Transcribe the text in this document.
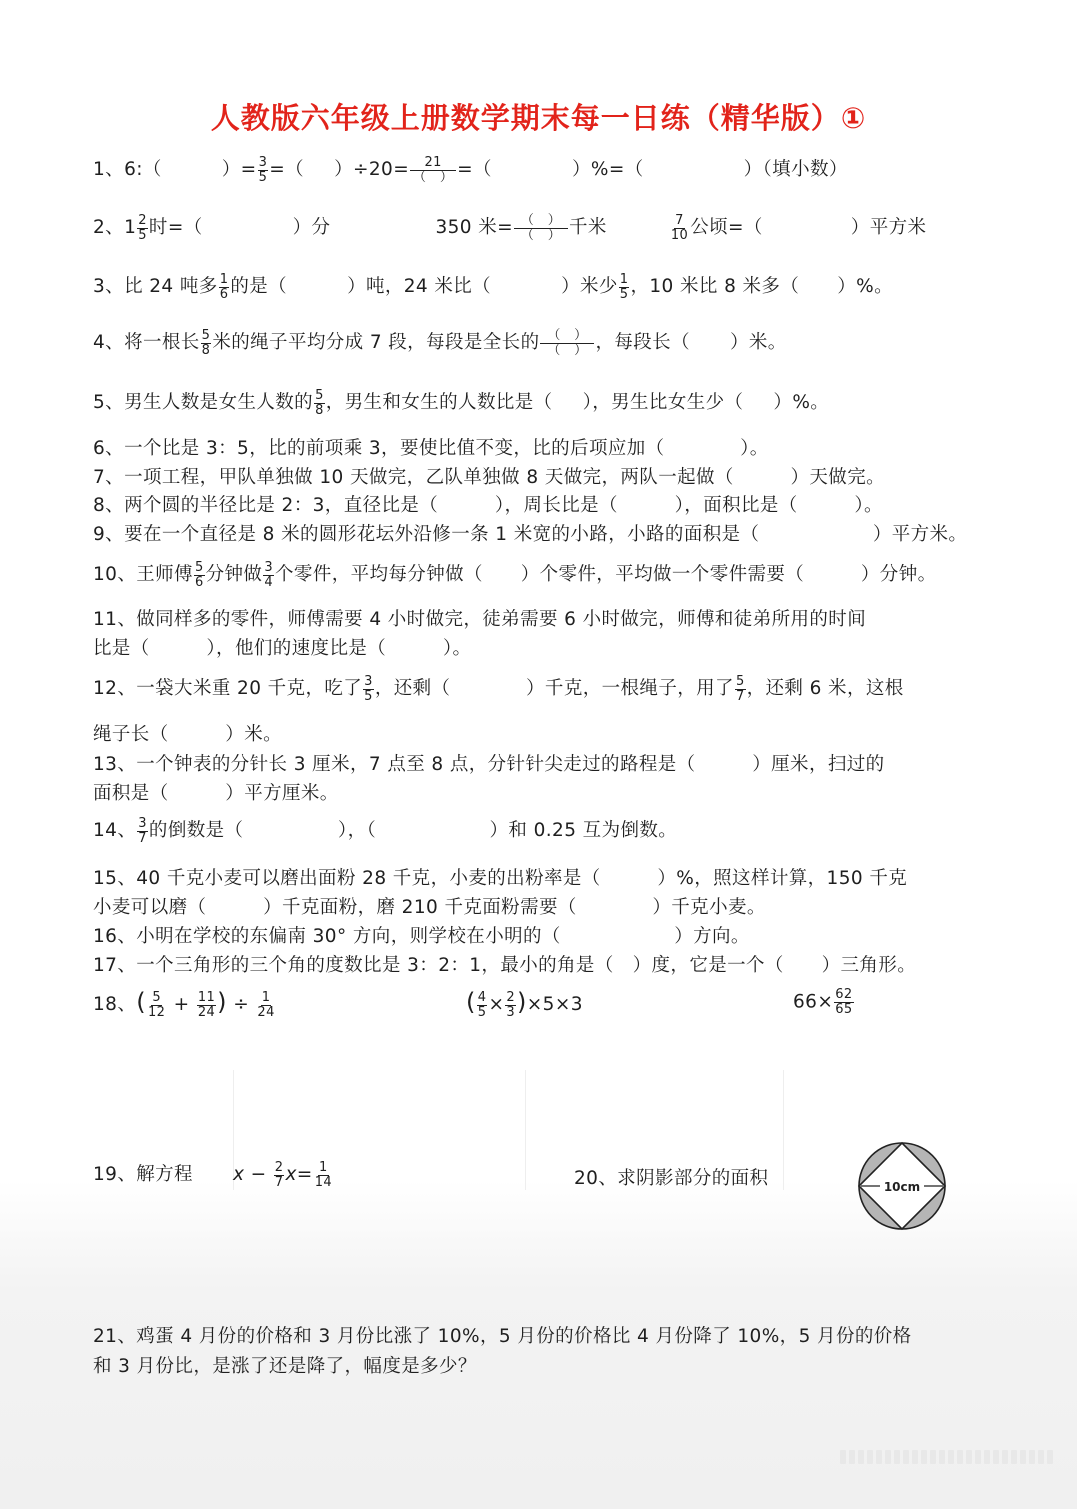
人教版六年级上册数学期末每一日练（精华版）①
1、6:（	）= $\frac{3}{5}$ =（ ）$\div 20= \frac{21}{( )}$ =（	）%=（	）（填小数）
2、$1 \frac{2}{5}$ 时=（	）分	350 米= $\frac{( )}{( )}$ 千米	$\frac{7}{10}$ 公顷=（	）平方米
3、比 24 吨多 $\frac{1}{6}$ 的是（	）吨，24 米比（	）米少 $\frac{1}{5}$ ，10 米比 8 米多（ ）%。
4、将一根长 $\frac{5}{8}$ 米的绳子平均分成 7 段，每段是全长的 $\frac{( )}{( )}$ ，每段长（ ）米。
5、男生人数是女生人数的 $\frac{5}{8}$ ，男生和女生的人数比是（ ），男生比女生少（ ）%。
6、一个比是 3：5，比的前项乘 3，要使比值不变，比的后项应加（　　　　）。
7、一项工程，甲队单独做 10 天做完，乙队单独做 8 天做完，两队一起做（　　　）天做完。
8、两个圆的半径比是 2：3，直径比是（　　　），周长比是（　　　），面积比是（　　　）。
9、要在一个直径是 8 米的圆形花坛外沿修一条 1 米宽的小路，小路的面积是（　　　　　　）平方米。
10、王师傅 $\frac{5}{6}$ 分钟做 $\frac{3}{4}$ 个零件，平均每分钟做（　　）个零件，平均做一个零件需要（　　　）分钟。
11、做同样多的零件，师傅需要 4 小时做完，徒弟需要 6 小时做完，师傅和徒弟所用的时间
比是（　　　），他们的速度比是（　　　）。
12、一袋大米重 20 千克，吃了 $\frac{3}{5}$ ，还剩（　　　　）千克，一根绳子，用了 $\frac{5}{7}$ ，还剩 6 米，这根
绳子长（　　　）米。
13、一个钟表的分针长 3 厘米，7 点至 8 点，分针针尖走过的路程是（　　　）厘米，扫过的
面积是（　　　）平方厘米。
14、 $\frac{3}{7}$ 的倒数是（　　　　　），（　　　　　　）和 0.25 互为倒数。
15、40 千克小麦可以磨出面粉 28 千克，小麦的出粉率是（　　　）%，照这样计算，150 千克
小麦可以磨（　　　）千克面粉，磨 210 千克面粉需要（　　　　）千克小麦。
16、小明在学校的东偏南 30° 方向，则学校在小明的（　　　　　　）方向。
17、一个三角形的三个角的度数比是 3：2：1，最小的角是（　）度，它是一个（　　）三角形。
18、( $\frac{5}{12} + \frac{11}{24}$ ) ÷ $\frac{1}{24}$	( $\frac{4}{5} \times \frac{2}{3} )\times 5\times 3$	$66\times \frac{62}{65}$
19、解方程 $x - \frac{2}{7} x= \frac{1}{14}$	20、求阴影部分的面积	10cm
21、鸡蛋 4 月份的价格和 3 月份比涨了 10%，5 月份的价格比 4 月份降了 10%，5 月份的价格
和 3 月份比，是涨了还是降了，幅度是多少？
